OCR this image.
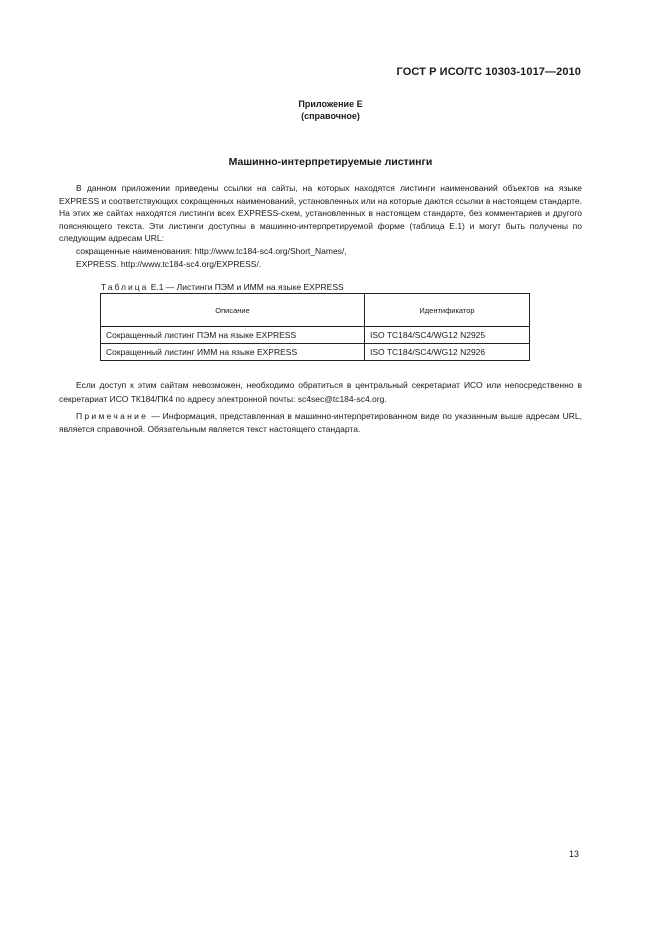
ГОСТ Р ИСО/ТС 10303-1017—2010
Приложение Е
(справочное)
Машинно-интерпретируемые листинги

В данном приложении приведены ссылки на сайты, на которых находятся листинги наименований объектов на языке EXPRESS и соответствующих сокращенных наименований, установленных или на которые даются ссылки в настоящем стандарте. На этих же сайтах находятся листинги всех EXPRESS-схем, установленных в настоящем стандарте, без комментариев и другого поясняющего текста. Эти листинги доступны в машинно-интерпретируемой форме (таблица Е.1) и могут быть получены по следующим адресам URL:

сокращенные наименования: http://www.tc184-sc4.org/Short_Names/,

EXPRESS. http://www.tc184-sc4.org/EXPRESS/.

Таблица Е.1 — Листинги ПЭМ и ИММ на языке EXPRESS
Описание	Идентификатор
Сокращенный листинг ПЭМ на языке EXPRESS	ISO TC184/SC4/WG12 N2925
Сокращенный листинг ИММ на языке EXPRESS	ISO TC184/SC4/WG12 N2926

Если доступ к этим сайтам невозможен, необходимо обратиться в центральный секретариат ИСО или непосредственно в секретариат ИСО ТК184/ПК4 по адресу электронной почты: sc4sec@tc184-sc4.org.

Примечание — Информация, представленная в машинно-интерпретированном виде по указанным выше адресам URL, является справочной. Обязательным является текст настоящего стандарта.

13
